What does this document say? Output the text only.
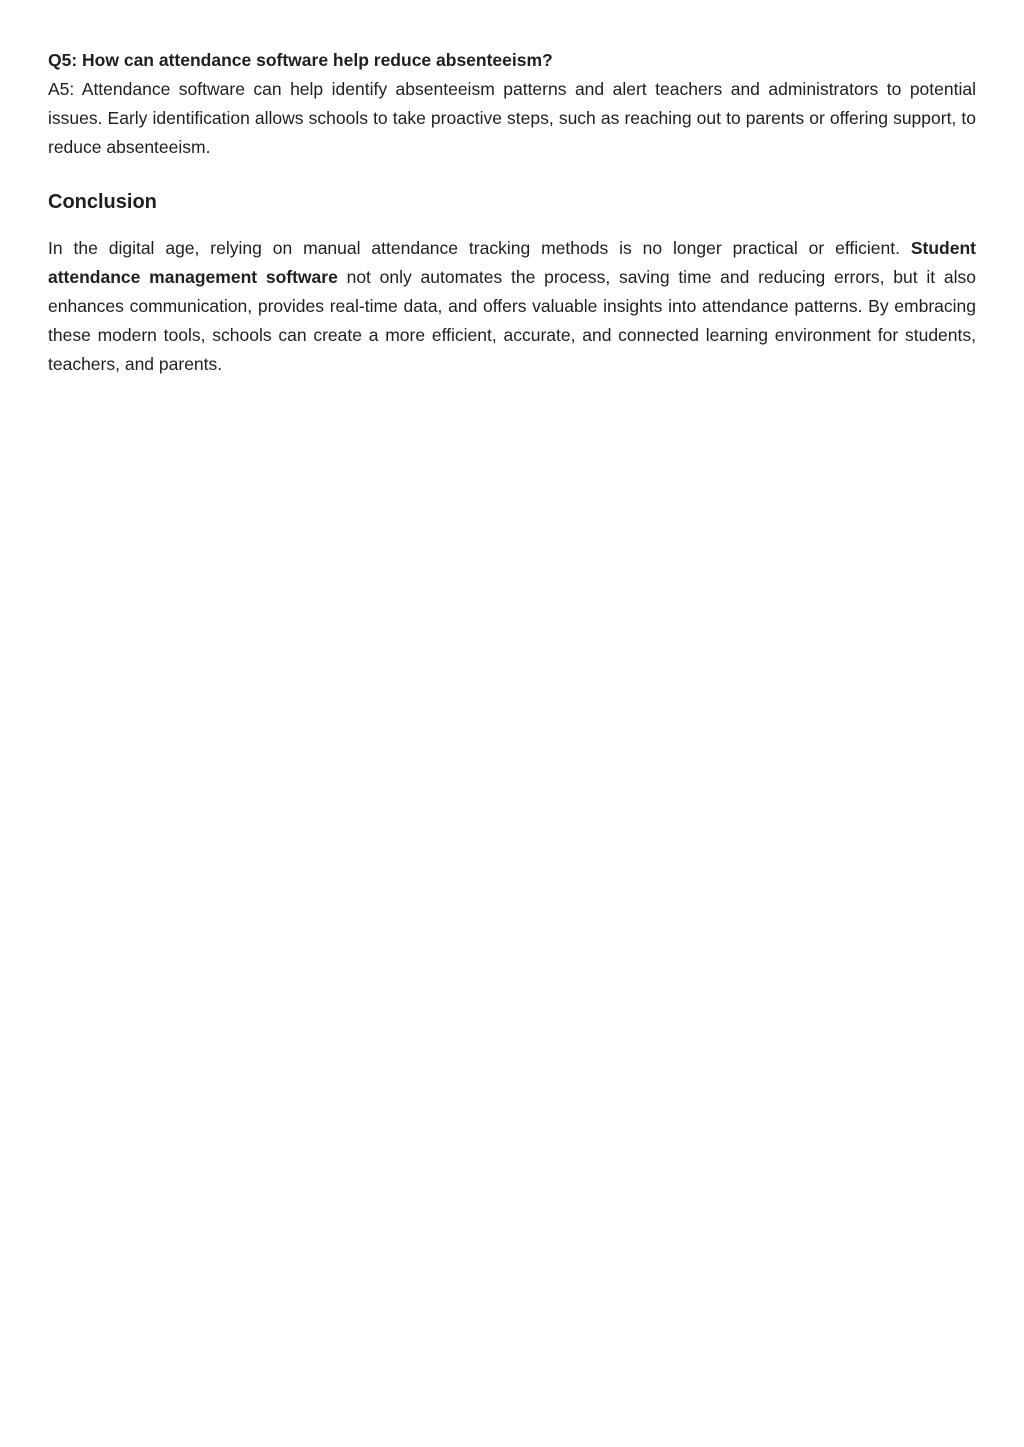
Q5: How can attendance software help reduce absenteeism?

A5: Attendance software can help identify absenteeism patterns and alert teachers and administrators to potential issues. Early identification allows schools to take proactive steps, such as reaching out to parents or offering support, to reduce absenteeism.

Conclusion

In the digital age, relying on manual attendance tracking methods is no longer practical or efficient. Student attendance management software not only automates the process, saving time and reducing errors, but it also enhances communication, provides real-time data, and offers valuable insights into attendance patterns. By embracing these modern tools, schools can create a more efficient, accurate, and connected learning environment for students, teachers, and parents.
